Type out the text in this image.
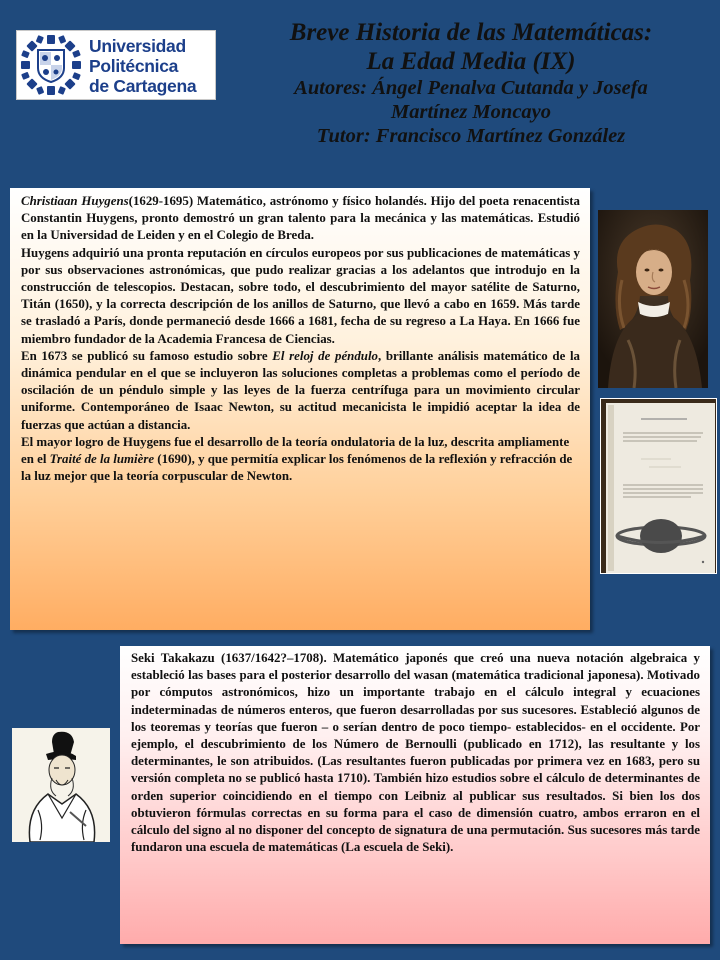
Universidad
Politécnica
de Cartagena
Breve Historia de las Matemáticas:
La Edad Media (IX)
Autores: Ángel Penalva Cutanda y Josefa
Martínez Moncayo
Tutor: Francisco Martínez González

Christiaan Huygens(1629-1695) Matemático, astrónomo y físico holandés. Hijo del poeta renacentista Constantin Huygens, pronto demostró un gran talento para la mecánica y las matemáticas. Estudió en la Universidad de Leiden y en el Colegio de Breda.

Huygens adquirió una pronta reputación en círculos europeos por sus publicaciones de matemáticas y por sus observaciones astronómicas, que pudo realizar gracias a los adelantos que introdujo en la construcción de telescopios. Destacan, sobre todo, el descubrimiento del mayor satélite de Saturno, Titán (1650), y la correcta descripción de los anillos de Saturno, que llevó a cabo en 1659. Más tarde se trasladó a París, donde permaneció desde 1666 a 1681, fecha de su regreso a La Haya. En 1666 fue miembro fundador de la Academia Francesa de Ciencias.

En 1673 se publicó su famoso estudio sobre El reloj de péndulo, brillante análisis matemático de la dinámica pendular en el que se incluyeron las soluciones completas a problemas como el período de oscilación de un péndulo simple y las leyes de la fuerza centrífuga para un movimiento circular uniforme. Contemporáneo de Isaac Newton, su actitud mecanicista le impidió aceptar la idea de fuerzas que actúan a distancia.

El mayor logro de Huygens fue el desarrollo de la teoría ondulatoria de la luz, descrita ampliamente en el Traité de la lumière (1690), y que permitía explicar los fenómenos de la reflexión y refracción de la luz mejor que la teoría corpuscular de Newton.

Seki Takakazu (1637/1642?–1708). Matemático japonés que creó una nueva notación algebraica y estableció las bases para el posterior desarrollo del wasan (matemática tradicional japonesa). Motivado por cómputos astronómicos, hizo un importante trabajo en el cálculo integral y ecuaciones indeterminadas de números enteros, que fueron desarrolladas por sus sucesores. Estableció algunos de los teoremas y teorías que fueron – o serían dentro de poco tiempo- establecidos- en el occidente. Por ejemplo, el descubrimiento de los Número de Bernoulli (publicado en 1712), las resultante y los determinantes, le son atribuidos. (Las resultantes fueron publicadas por primera vez en 1683, pero su versión completa no se publicó hasta 1710). También hizo estudios sobre el cálculo de determinantes de orden superior coincidiendo en el tiempo con Leibniz al publicar sus resultados. Si bien los dos obtuvieron fórmulas correctas en su forma para el caso de dimensión cuatro, ambos erraron en el cálculo del signo al no disponer del concepto de signatura de una permutación. Sus sucesores más tarde fundaron una escuela de matemáticas (La escuela de Seki).
